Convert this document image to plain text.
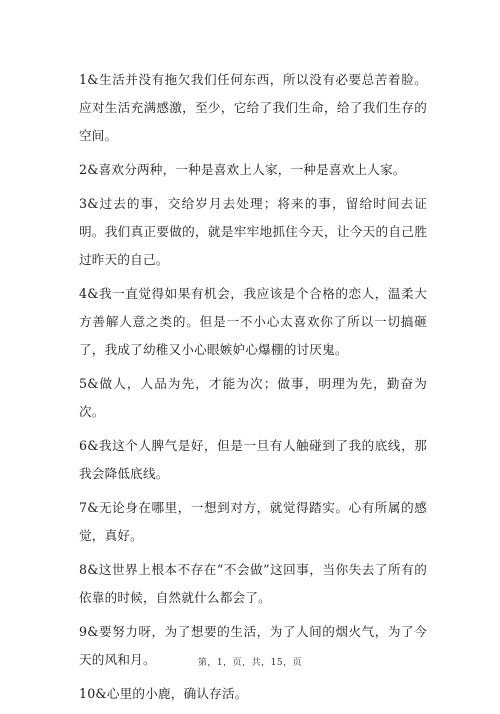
1&生活并没有拖欠我们任何东西，所以没有必要总苦着脸。应对生活充满感激，至少，它给了我们生命，给了我们生存的空间。

2&喜欢分两种，一种是喜欢上人家，一种是喜欢上人家。

3&过去的事，交给岁月去处理；将来的事，留给时间去证明。我们真正要做的，就是牢牢地抓住今天，让今天的自己胜过昨天的自己。

4&我一直觉得如果有机会，我应该是个合格的恋人，温柔大方善解人意之类的。但是一不小心太喜欢你了所以一切搞砸了，我成了幼稚又小心眼嫉妒心爆棚的讨厌鬼。

5&做人，人品为先，才能为次；做事，明理为先，勤奋为次。

6&我这个人脾气是好，但是一旦有人触碰到了我的底线，那我会降低底线。

7&无论身在哪里，一想到对方，就觉得踏实。心有所属的感觉，真好。

8&这世界上根本不存在“不会做”这回事，当你失去了所有的依靠的时候，自然就什么都会了。

9&要努力呀，为了想要的生活，为了人间的烟火气，为了今天的风和月。

10&心里的小鹿，确认存活。

第，1，页，共，15，页
